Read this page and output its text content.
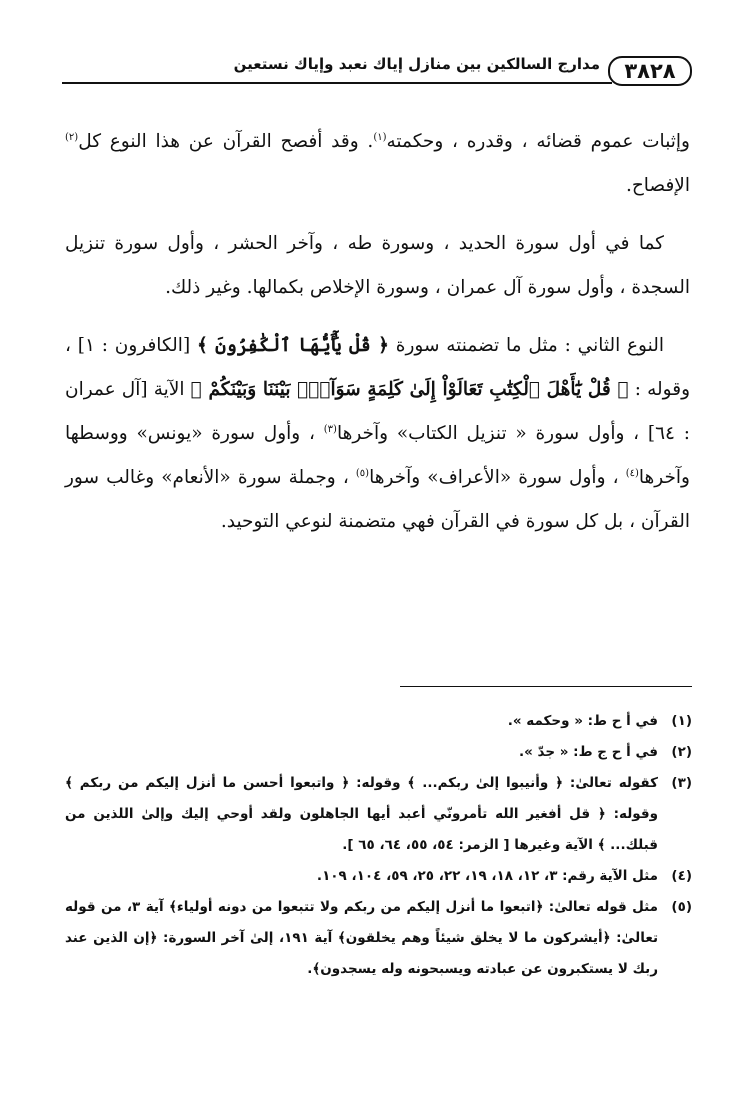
٣٨٢٨
مدارج السالكين بين منازل إياك نعبد وإياك نستعين

وإثبات عموم قضائه ، وقدره ، وحكمته$^{(١)}$. وقد أفصح القرآن عن هذا النوع كل$^{(٢)}$ الإفصاح.

كما في أول سورة الحديد ، وسورة طه ، وآخر الحشر ، وأول سورة تنزيل السجدة ، وأول سورة آل عمران ، وسورة الإخلاص بكمالها. وغير ذلك.

النوع الثاني : مثل ما تضمنته سورة ﴿ قُلْ يَٰٓأَيُّهَا ٱلْكَٰفِرُونَ ﴾ [الكافرون : ١] ، وقوله : ﴿ قُلْ يَٰٓأَهْلَ ٱلْكِتَٰبِ تَعَالَوْاْ إِلَىٰ كَلِمَةٍ سَوَآءٍۭ بَيْنَنَا وَبَيْنَكُمْ ﴾ الآية [آل عمران : ٦٤] ، وأول سورة « تنزيل الكتاب» وآخرها$^{(٣)}$ ، وأول سورة «يونس» ووسطها وآخرها$^{(٤)}$ ، وأول سورة «الأعراف» وآخرها$^{(٥)}$ ، وجملة سورة «الأنعام» وغالب سور القرآن ، بل كل سورة في القرآن فهي متضمنة لنوعي التوحيد.

(١)
في أ ح ط: « وحكمه ».

(٢)
في أ ح ج ط: « جدّ ».

(٣)
كقوله تعالىٰ: ﴿ وأنيبوا إلىٰ ربكم... ﴾ وقوله: ﴿ واتبعوا أحسن ما أنزل إليكم من ربكم ﴾ وقوله: ﴿ قل أفغير الله تأمرونّي أعبد أيها الجاهلون ولقد أوحي إليك وإلىٰ اللذين من قبلك... ﴾ الآية وغيرها [ الزمر: ٥٤، ٥٥، ٦٤، ٦٥ ].

(٤)
مثل الآية رقم: ٣، ١٢، ١٨، ١٩، ٢٢، ٢٥، ٥٩، ١٠٤، ١٠٩.

(٥)
مثل قوله تعالىٰ: ﴿اتبعوا ما أنزل إليكم من ربكم ولا تتبعوا من دونه أولياء﴾ آية ٣، من قوله تعالىٰ: ﴿أيشركون ما لا يخلق شيئاً وهم يخلقون﴾ آية ١٩١، إلىٰ آخر السورة: ﴿إن الذين عند ربك لا يستكبرون عن عبادته ويسبحونه وله يسجدون﴾.
